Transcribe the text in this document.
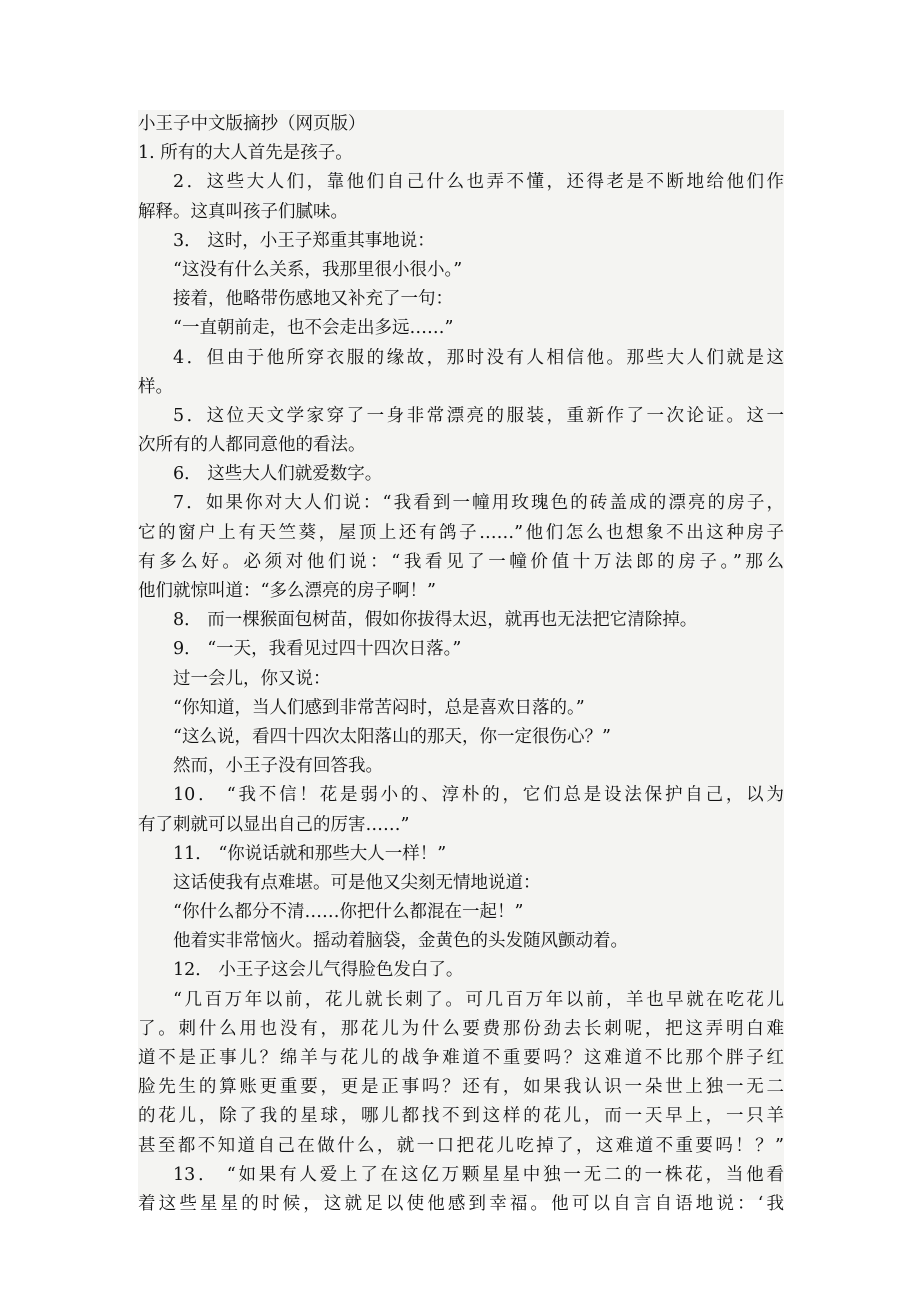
小王子中文版摘抄（网页版）
1. 所有的大人首先是孩子。
2．这些大人们，靠他们自己什么也弄不懂，还得老是不断地给他们作
解释。这真叫孩子们腻味。
3． 这时，小王子郑重其事地说：
“这没有什么关系，我那里很小很小。”
接着，他略带伤感地又补充了一句：
“一直朝前走，也不会走出多远……”
4．但由于他所穿衣服的缘故，那时没有人相信他。那些大人们就是这
样。
5．这位天文学家穿了一身非常漂亮的服装，重新作了一次论证。这一
次所有的人都同意他的看法。
6． 这些大人们就爱数字。
7．如果你对大人们说：“我看到一幢用玫瑰色的砖盖成的漂亮的房子，
它的窗户上有天竺葵，屋顶上还有鸽子……”他们怎么也想象不出这种房子
有多么好。必须对他们说：“我看见了一幢价值十万法郎的房子。”那么
他们就惊叫道：“多么漂亮的房子啊！”
8． 而一棵猴面包树苗，假如你拔得太迟，就再也无法把它清除掉。
9． “一天，我看见过四十四次日落。”
过一会儿，你又说：
“你知道，当人们感到非常苦闷时，总是喜欢日落的。”
“这么说，看四十四次太阳落山的那天，你一定很伤心？”
然而，小王子没有回答我。
10． “我不信！花是弱小的、淳朴的，它们总是设法保护自己，以为
有了刺就可以显出自己的厉害……”
11． “你说话就和那些大人一样！”
这话使我有点难堪。可是他又尖刻无情地说道：
“你什么都分不清……你把什么都混在一起！”
他着实非常恼火。摇动着脑袋，金黄色的头发随风颤动着。
12． 小王子这会儿气得脸色发白了。
“几百万年以前，花儿就长刺了。可几百万年以前，羊也早就在吃花儿
了。刺什么用也没有，那花儿为什么要费那份劲去长刺呢，把这弄明白难
道不是正事儿？绵羊与花儿的战争难道不重要吗？这难道不比那个胖子红
脸先生的算账更重要，更是正事吗？还有，如果我认识一朵世上独一无二
的花儿，除了我的星球，哪儿都找不到这样的花儿，而一天早上，一只羊
甚至都不知道自己在做什么，就一口把花儿吃掉了，这难道不重要吗！？”
13． “如果有人爱上了在这亿万颗星星中独一无二的一株花，当他看
着这些星星的时候，这就足以使他感到幸福。他可以自言自语地说：‘我
